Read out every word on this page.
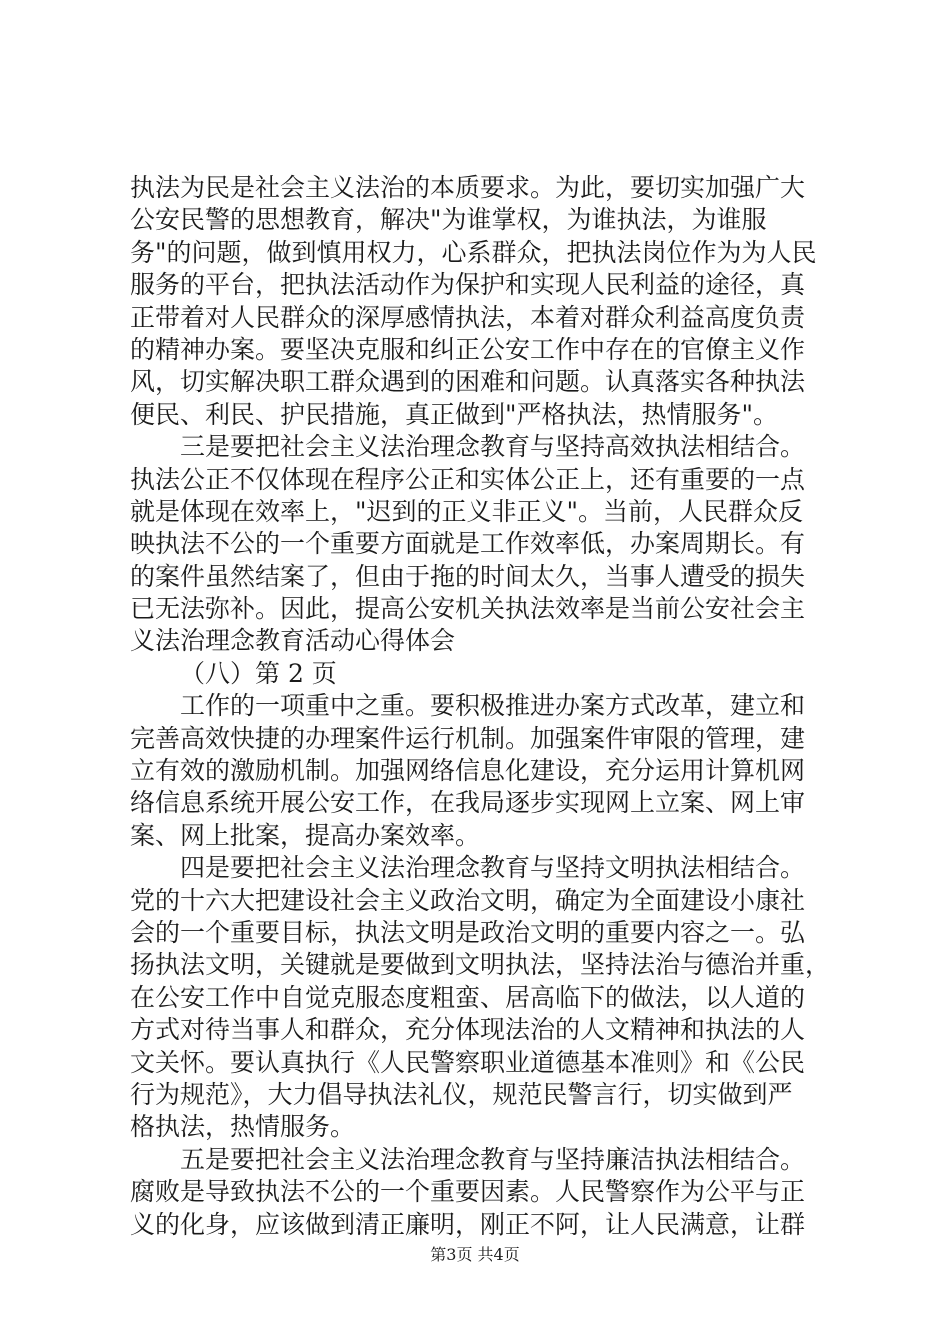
执法为民是社会主义法治的本质要求。为此，要切实加强广大
公安民警的思想教育，解决"为谁掌权，为谁执法，为谁服
务"的问题，做到慎用权力，心系群众，把执法岗位作为为人民
服务的平台，把执法活动作为保护和实现人民利益的途径，真
正带着对人民群众的深厚感情执法，本着对群众利益高度负责
的精神办案。要坚决克服和纠正公安工作中存在的官僚主义作
风，切实解决职工群众遇到的困难和问题。认真落实各种执法
便民、利民、护民措施，真正做到"严格执法，热情服务"。
三是要把社会主义法治理念教育与坚持高效执法相结合。
执法公正不仅体现在程序公正和实体公正上，还有重要的一点
就是体现在效率上，"迟到的正义非正义"。当前，人民群众反
映执法不公的一个重要方面就是工作效率低，办案周期长。有
的案件虽然结案了，但由于拖的时间太久，当事人遭受的损失
已无法弥补。因此，提高公安机关执法效率是当前公安社会主
义法治理念教育活动心得体会
（八）第 2 页
工作的一项重中之重。要积极推进办案方式改革，建立和
完善高效快捷的办理案件运行机制。加强案件审限的管理，建
立有效的激励机制。加强网络信息化建设，充分运用计算机网
络信息系统开展公安工作，在我局逐步实现网上立案、网上审
案、网上批案，提高办案效率。
四是要把社会主义法治理念教育与坚持文明执法相结合。
党的十六大把建设社会主义政治文明，确定为全面建设小康社
会的一个重要目标，执法文明是政治文明的重要内容之一。弘
扬执法文明，关键就是要做到文明执法，坚持法治与德治并重，
在公安工作中自觉克服态度粗蛮、居高临下的做法，以人道的
方式对待当事人和群众，充分体现法治的人文精神和执法的人
文关怀。要认真执行《人民警察职业道德基本准则》和《公民
行为规范》，大力倡导执法礼仪，规范民警言行，切实做到严
格执法，热情服务。
五是要把社会主义法治理念教育与坚持廉洁执法相结合。
腐败是导致执法不公的一个重要因素。人民警察作为公平与正
义的化身，应该做到清正廉明，刚正不阿，让人民满意，让群
第3页 共4页
